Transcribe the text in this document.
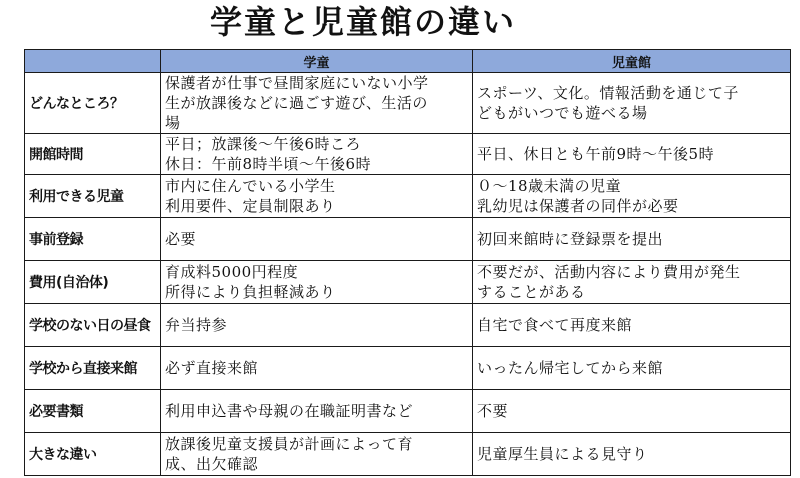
学童と児童館の違い
	学童	児童館
どんなところ？	保護者が仕事で昼間家庭にいない小学
生が放課後などに過ごす遊び、生活の
場	スポーツ、文化。情報活動を通じて子
どもがいつでも遊べる場
開館時間	平日；放課後～午後6時ころ
休日：午前8時半頃～午後6時	平日、休日とも午前9時～午後5時
利用できる児童	市内に住んでいる小学生
利用要件、定員制限あり	０～18歳未満の児童
乳幼児は保護者の同伴が必要
事前登録	必要	初回来館時に登録票を提出
費用(自治体)	育成料5000円程度
所得により負担軽減あり	不要だが、活動内容により費用が発生
することがある
学校のない日の昼食	弁当持参	自宅で食べて再度来館
学校から直接来館	必ず直接来館	いったん帰宅してから来館
必要書類	利用申込書や母親の在職証明書など	不要
大きな違い	放課後児童支援員が計画によって育
成、出欠確認	児童厚生員による見守り
